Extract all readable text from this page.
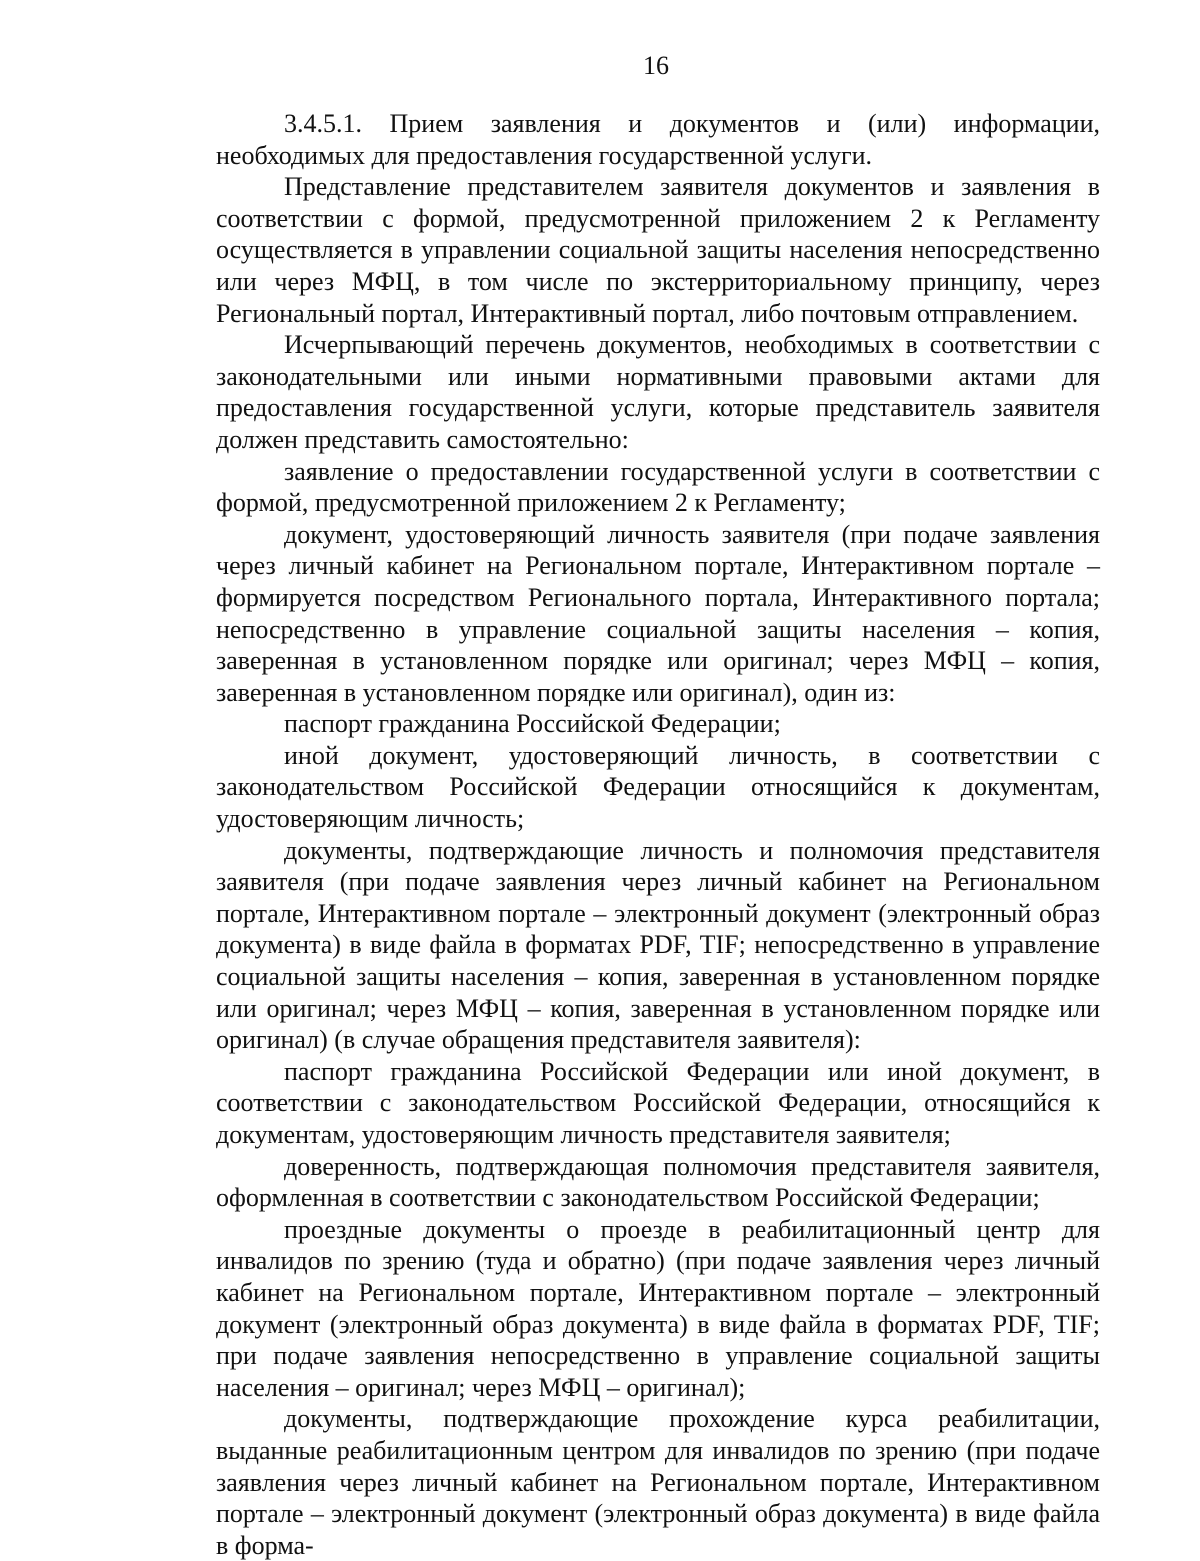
16

3.4.5.1. Прием заявления и документов и (или) информации, необходимых для предоставления государственной услуги.

Представление представителем заявителя документов и заявления в соответствии с формой, предусмотренной приложением 2 к Регламенту осуществляется в управлении социальной защиты населения непосредственно или через МФЦ, в том числе по экстерриториальному принципу, через Региональный портал, Интерактивный портал, либо почтовым отправлением.

Исчерпывающий перечень документов, необходимых в соответствии с законодательными или иными нормативными правовыми актами для предоставления государственной услуги, которые представитель заявителя должен представить самостоятельно:

заявление о предоставлении государственной услуги в соответствии с формой, предусмотренной приложением 2 к Регламенту;

документ, удостоверяющий личность заявителя (при подаче заявления через личный кабинет на Региональном портале, Интерактивном портале – формируется посредством Регионального портала, Интерактивного портала; непосредственно в управление социальной защиты населения – копия, заверенная в установленном порядке или оригинал; через МФЦ – копия, заверенная в установленном порядке или оригинал), один из:

паспорт гражданина Российской Федерации;

иной документ, удостоверяющий личность, в соответствии с законодательством Российской Федерации относящийся к документам, удостоверяющим личность;

документы, подтверждающие личность и полномочия представителя заявителя (при подаче заявления через личный кабинет на Региональном портале, Интерактивном портале – электронный документ (электронный образ документа) в виде файла в форматах PDF, TIF; непосредственно в управление социальной защиты населения – копия, заверенная в установленном порядке или оригинал; через МФЦ – копия, заверенная в установленном порядке или оригинал) (в случае обращения представителя заявителя):

паспорт гражданина Российской Федерации или иной документ, в соответствии с законодательством Российской Федерации, относящийся к документам, удостоверяющим личность представителя заявителя;

доверенность, подтверждающая полномочия представителя заявителя, оформленная в соответствии с законодательством Российской Федерации;

проездные документы о проезде в реабилитационный центр для инвалидов по зрению (туда и обратно) (при подаче заявления через личный кабинет на Региональном портале, Интерактивном портале – электронный документ (электронный образ документа) в виде файла в форматах PDF, TIF; при подаче заявления непосредственно в управление социальной защиты населения – оригинал; через МФЦ – оригинал);

документы, подтверждающие прохождение курса реабилитации, выданные реабилитационным центром для инвалидов по зрению (при подаче заявления через личный кабинет на Региональном портале, Интерактивном портале – электронный документ (электронный образ документа) в виде файла в форма-
